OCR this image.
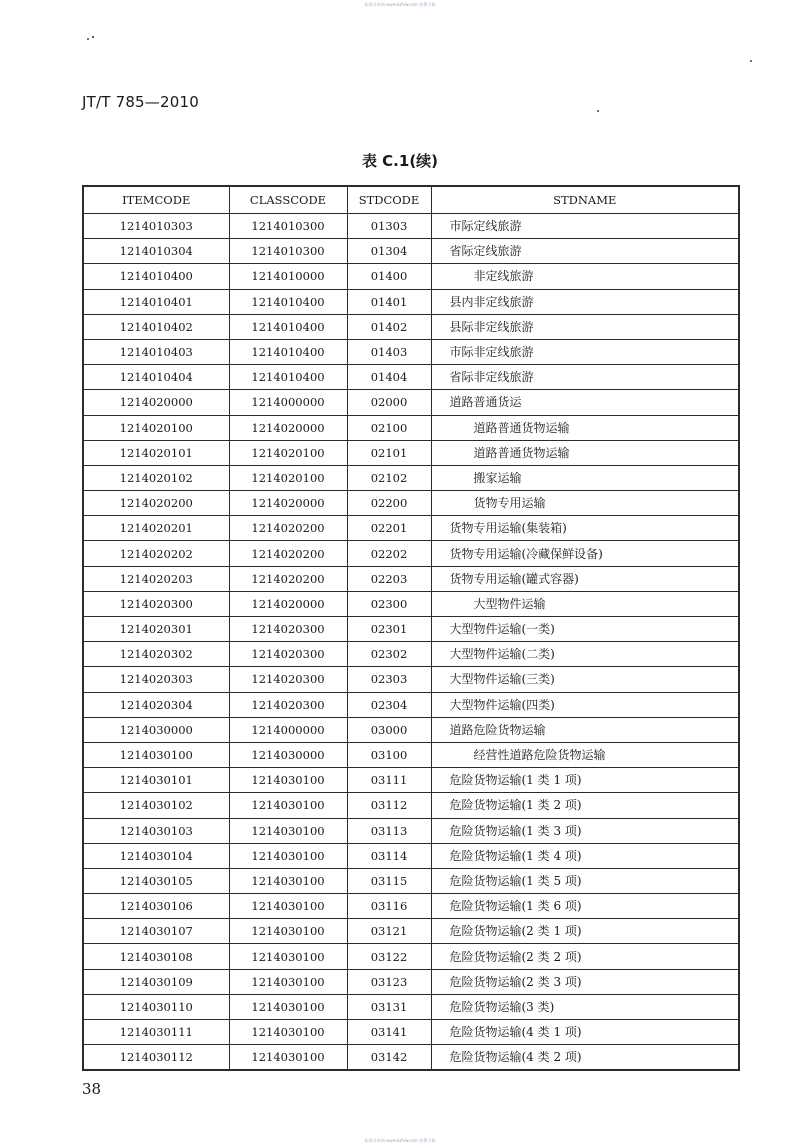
标准分享网 www.bzfxw.com 免费下载
JT/T 785—2010
表 C.1(续)
ITEMCODE	CLASSCODE	STDCODE	STDNAME
1214010303	1214010300	01303	市际定线旅游
1214010304	1214010300	01304	省际定线旅游
1214010400	1214010000	01400	非定线旅游
1214010401	1214010400	01401	县内非定线旅游
1214010402	1214010400	01402	县际非定线旅游
1214010403	1214010400	01403	市际非定线旅游
1214010404	1214010400	01404	省际非定线旅游
1214020000	1214000000	02000	道路普通货运
1214020100	1214020000	02100	道路普通货物运输
1214020101	1214020100	02101	道路普通货物运输
1214020102	1214020100	02102	搬家运输
1214020200	1214020000	02200	货物专用运输
1214020201	1214020200	02201	货物专用运输(集装箱)
1214020202	1214020200	02202	货物专用运输(冷藏保鲜设备)
1214020203	1214020200	02203	货物专用运输(罐式容器)
1214020300	1214020000	02300	大型物件运输
1214020301	1214020300	02301	大型物件运输(一类)
1214020302	1214020300	02302	大型物件运输(二类)
1214020303	1214020300	02303	大型物件运输(三类)
1214020304	1214020300	02304	大型物件运输(四类)
1214030000	1214000000	03000	道路危险货物运输
1214030100	1214030000	03100	经营性道路危险货物运输
1214030101	1214030100	03111	危险货物运输(1 类 1 项)
1214030102	1214030100	03112	危险货物运输(1 类 2 项)
1214030103	1214030100	03113	危险货物运输(1 类 3 项)
1214030104	1214030100	03114	危险货物运输(1 类 4 项)
1214030105	1214030100	03115	危险货物运输(1 类 5 项)
1214030106	1214030100	03116	危险货物运输(1 类 6 项)
1214030107	1214030100	03121	危险货物运输(2 类 1 项)
1214030108	1214030100	03122	危险货物运输(2 类 2 项)
1214030109	1214030100	03123	危险货物运输(2 类 3 项)
1214030110	1214030100	03131	危险货物运输(3 类)
1214030111	1214030100	03141	危险货物运输(4 类 1 项)
1214030112	1214030100	03142	危险货物运输(4 类 2 项)
38
标准分享网 www.bzfxw.com 免费下载
